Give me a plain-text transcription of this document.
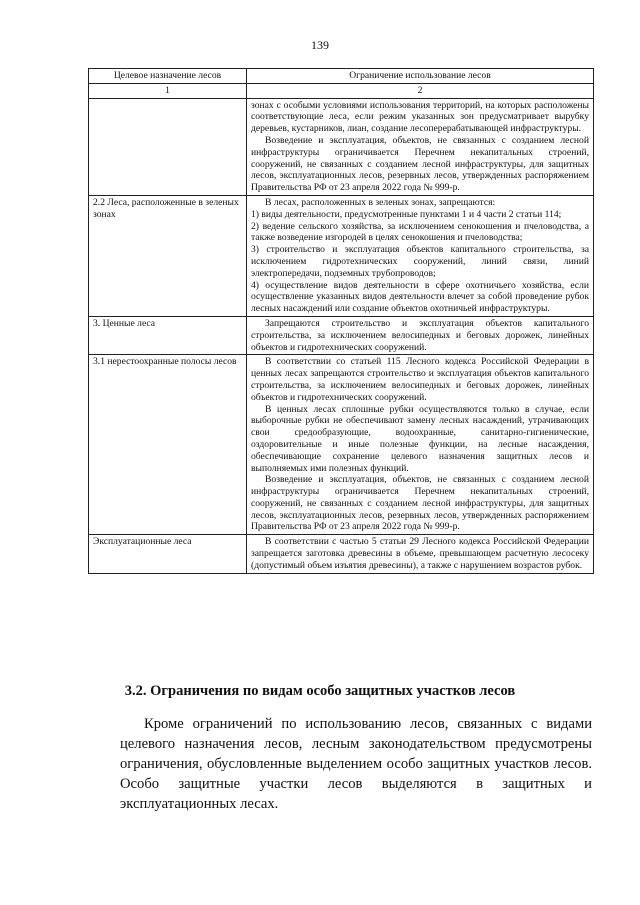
139
Целевое назначение лесов	Ограничение использование лесов
1	2

	зонах с особыми условиями использования территорий, на которых расположены соответствующие леса, если режим указанных зон предусматривает вырубку деревьев, кустарников, лиан, создание лесоперерабатывающей инфраструктуры.
Возведение и эксплуатация, объектов, не связанных с созданием лесной инфраструктуры ограничивается Перечнем некапитальных строений, сооружений, не связанных с созданием лесной инфраструктуры, для защитных лесов, эксплуатационных лесов, резервных лесов, утвержденных распоряжением Правительства РФ от 23 апреля 2022 года № 999-р.

2.2 Леса, расположенные в зеленых зонах	В лесах, расположенных в зеленых зонах, запрещаются:
1) виды деятельности, предусмотренные пунктами 1 и 4 части 2 статьи 114;
2) ведение сельского хозяйства, за исключением сенокошения и пчеловодства, а также возведение изгородей в целях сенокошения и пчеловодства;
3) строительство и эксплуатация объектов капитального строительства, за исключением гидротехнических сооружений, линий связи, линий электропередачи, подземных трубопроводов;
4) осуществление видов деятельности в сфере охотничьего хозяйства, если осуществление указанных видов деятельности влечет за собой проведение рубок лесных насаждений или создание объектов охотничьей инфраструктуры.

3. Ценные леса	Запрещаются строительство и эксплуатация объектов капитального строительства, за исключением велосипедных и беговых дорожек, линейных объектов и гидротехнических сооружений.

3.1 нерестоохранные полосы лесов	В соответствии со статьей 115 Лесного кодекса Российской Федерации в ценных лесах запрещаются строительство и эксплуатация объектов капитального строительства, за исключением велосипедных и беговых дорожек, линейных объектов и гидротехнических сооружений.
В ценных лесах сплошные рубки осуществляются только в случае, если выборочные рубки не обеспечивают замену лесных насаждений, утрачивающих свои средообразующие, водоохранные, санитарно-гигиенические, оздоровительные и иные полезные функции, на лесные насаждения, обеспечивающие сохранение целевого назначения защитных лесов и выполняемых ими полезных функций.
Возведение и эксплуатация, объектов, не связанных с созданием лесной инфраструктуры ограничивается Перечнем некапитальных строений, сооружений, не связанных с созданием лесной инфраструктуры, для защитных лесов, эксплуатационных лесов, резервных лесов, утвержденных распоряжением Правительства РФ от 23 апреля 2022 года № 999-р.

Эксплуатационные леса	В соответствии с частью 5 статьи 29 Лесного кодекса Российской Федерации запрещается заготовка древесины в объеме, превышающем расчетную лесосеку (допустимый объем изъятия древесины), а также с нарушением возрастов рубок.
3.2. Ограничения по видам особо защитных участков лесов

Кроме ограничений по использованию лесов, связанных с видами целевого назначения лесов, лесным законодательством предусмотрены ограничения, обусловленные выделением особо защитных участков лесов. Особо защитные участки лесов выделяются в защитных и эксплуатационных лесах.
